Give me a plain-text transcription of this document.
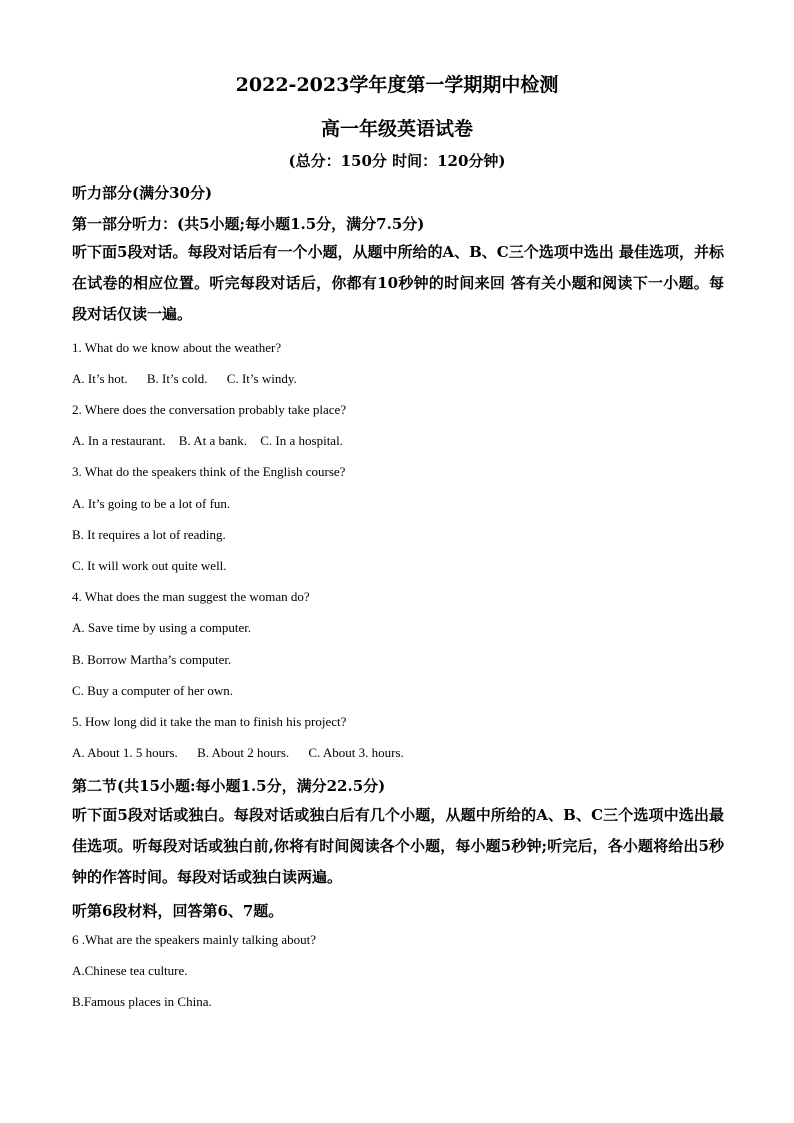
2022-2023学年度第一学期期中检测
高一年级英语试卷
(总分：150分 时间：120分钟)
听力部分(满分30分)
第一部分听力：(共5小题;每小题1.5分，满分7.5分)
听下面5段对话。每段对话后有一个小题，从题中所给的A、B、C三个选项中选出 最佳选项，并标在试卷的相应位置。听完每段对话后，你都有10秒钟的时间来回 答有关小题和阅读下一小题。每段对话仅读一遍。
1. What do we know about the weather?
A. It’s hot. B. It’s cold. C. It’s windy.
2. Where does the conversation probably take place?
A. In a restaurant. B. At a bank. C. In a hospital.
3. What do the speakers think of the English course?
A. It’s going to be a lot of fun.
B. It requires a lot of reading.
C. It will work out quite well.
4. What does the man suggest the woman do?
A. Save time by using a computer.
B. Borrow Martha’s computer.
C. Buy a computer of her own.
5. How long did it take the man to finish his project?
A. About 1. 5 hours. B. About 2 hours. C. About 3. hours.
第二节(共15小题:每小题1.5分，满分22.5分)
听下面5段对话或独白。每段对话或独白后有几个小题，从题中所给的A、B、C三个选项中选出最佳选项。听每段对话或独白前,你将有时间阅读各个小题，每小题5秒钟;听完后，各小题将给出5秒钟的作答时间。每段对话或独白读两遍。
听第6段材料，回答第6、7题。
6 .What are the speakers mainly talking about?
A.Chinese tea culture.
B.Famous places in China.
